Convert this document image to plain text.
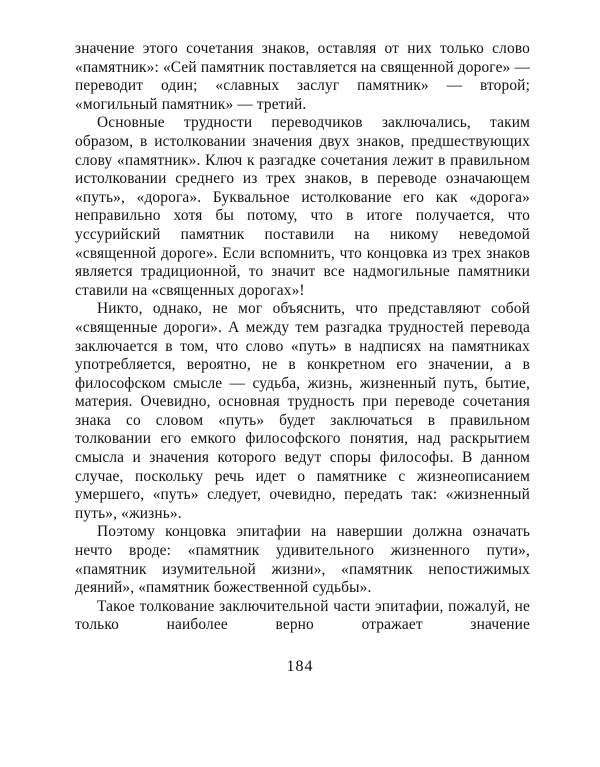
значение этого сочетания знаков, оставляя от них только слово «памятник»: «Сей памятник поставляется на священной дороге» — переводит один; «славных заслуг памятник» — второй; «могильный памятник» — третий.

Основные трудности переводчиков заключались, таким образом, в истолковании значения двух знаков, предшествующих слову «памятник». Ключ к разгадке сочетания лежит в правильном истолковании среднего из трех знаков, в переводе означающем «путь», «дорога». Буквальное истолкование его как «дорога» неправильно хотя бы потому, что в итоге получается, что уссурийский памятник поставили на никому неведомой «священной дороге». Если вспомнить, что концовка из трех знаков является традиционной, то значит все надмогильные памятники ставили на «священных дорогах»!

Никто, однако, не мог объяснить, что представляют собой «священные дороги». А между тем разгадка трудностей перевода заключается в том, что слово «путь» в надписях на памятниках употребляется, вероятно, не в конкретном его значении, а в философском смысле — судьба, жизнь, жизненный путь, бытие, материя. Очевидно, основная трудность при переводе сочетания знака со словом «путь» будет заключаться в правильном толковании его емкого философского понятия, над раскрытием смысла и значения которого ведут споры философы. В данном случае, поскольку речь идет о памятнике с жизнеописанием умершего, «путь» следует, очевидно, передать так: «жизненный путь», «жизнь».

Поэтому концовка эпитафии на навершии должна означать нечто вроде: «памятник удивительного жизненного пути», «памятник изумительной жизни», «памятник непостижимых деяний», «памятник божественной судьбы».

Такое толкование заключительной части эпитафии, пожалуй, не только наиболее верно отражает значение

184
